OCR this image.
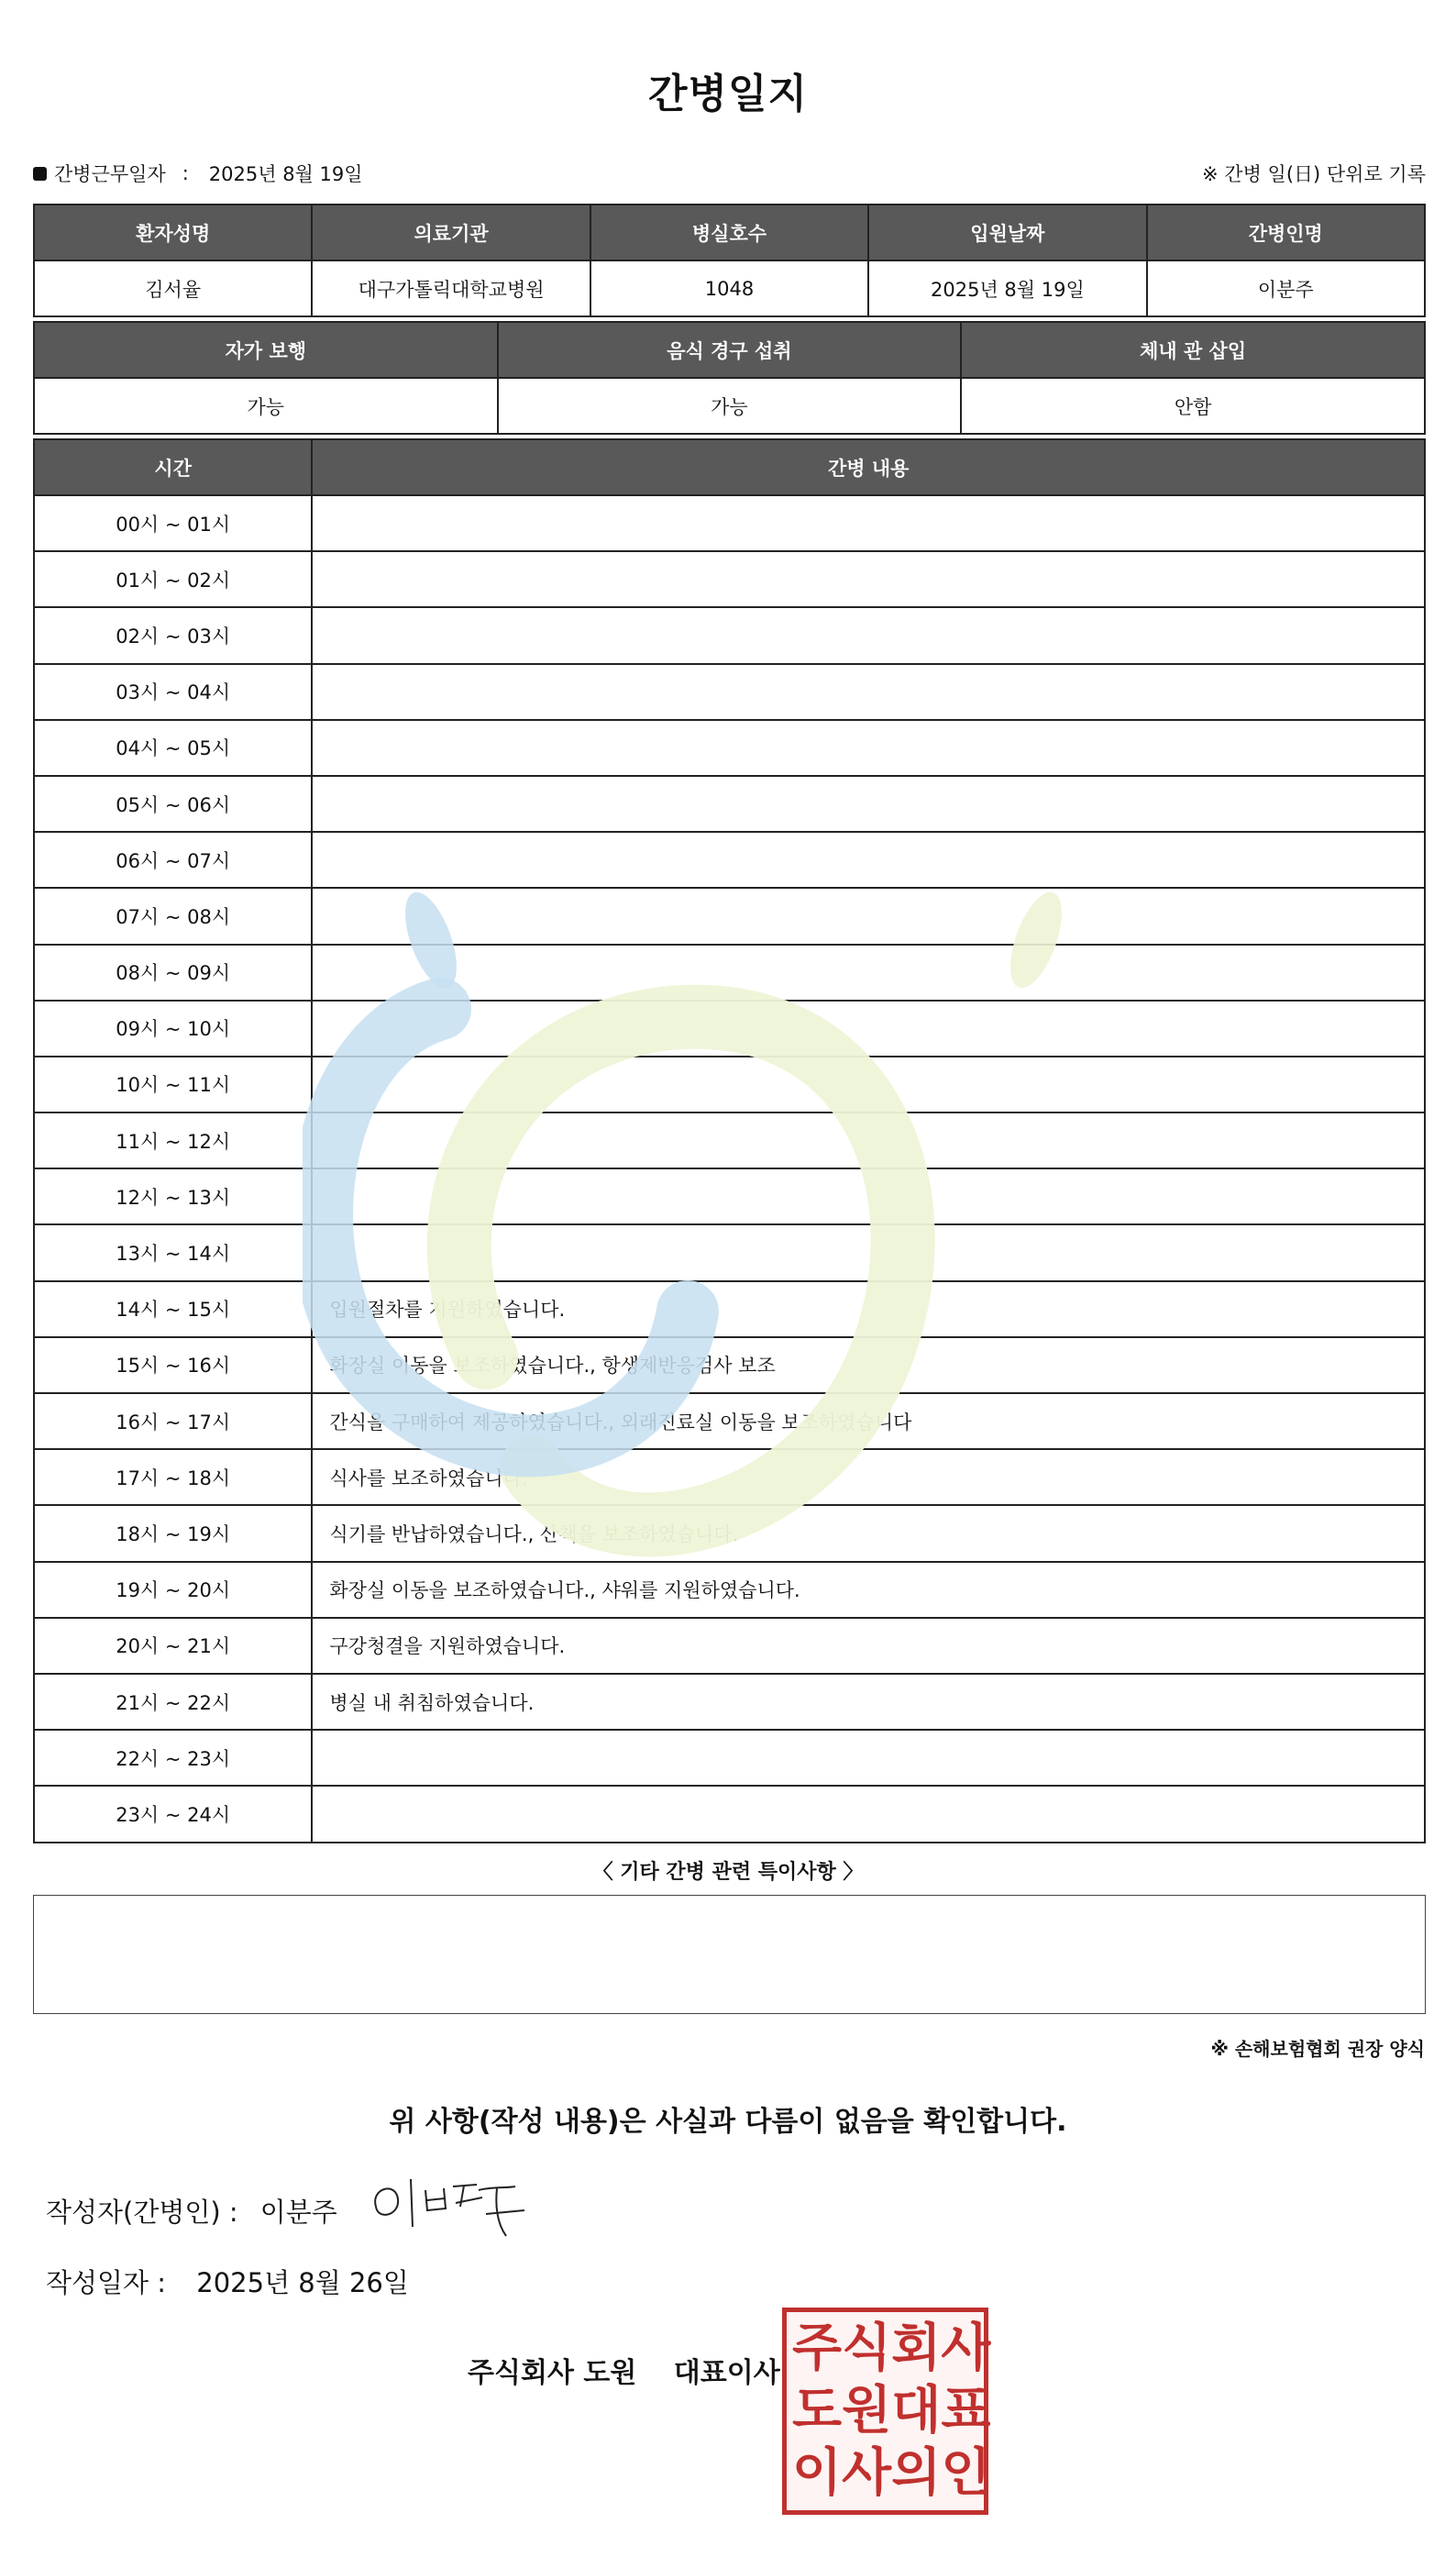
간병일지
간병근무일자 : 2025년 8월 19일	※ 간병 일(日) 단위로 기록
환자성명	의료기관	병실호수	입원날짜	간병인명
김서율	대구가톨릭대학교병원	1048	2025년 8월 19일	이분주
자가 보행	음식 경구 섭취	체내 관 삽입
가능	가능	안함
시간	간병 내용
00시 ~ 01시	
01시 ~ 02시	
02시 ~ 03시	
03시 ~ 04시	
04시 ~ 05시	
05시 ~ 06시	
06시 ~ 07시	
07시 ~ 08시	
08시 ~ 09시	
09시 ~ 10시	
10시 ~ 11시	
11시 ~ 12시	
12시 ~ 13시	
13시 ~ 14시	
14시 ~ 15시	입원절차를 지원하였습니다.
15시 ~ 16시	화장실 이동을 보조하였습니다., 항생제반응검사 보조
16시 ~ 17시	간식을 구매하여 제공하였습니다., 외래진료실 이동을 보조하였습니다
17시 ~ 18시	식사를 보조하였습니다.
18시 ~ 19시	식기를 반납하였습니다., 산책을 보조하였습니다.
19시 ~ 20시	화장실 이동을 보조하였습니다., 샤워를 지원하였습니다.
20시 ~ 21시	구강청결을 지원하였습니다.
21시 ~ 22시	병실 내 취침하였습니다.
22시 ~ 23시	
23시 ~ 24시	
〈 기타 간병 관련 특이사항 〉
※ 손해보험협회 권장 양식
위 사항(작성 내용)은 사실과 다름이 없음을 확인합니다.
작성자(간병인) : 이분주
작성일자 : 2025년 8월 26일
주식회사 도원 대표이사 주 식 회 사
도 원 대 표
이 사 의 인
